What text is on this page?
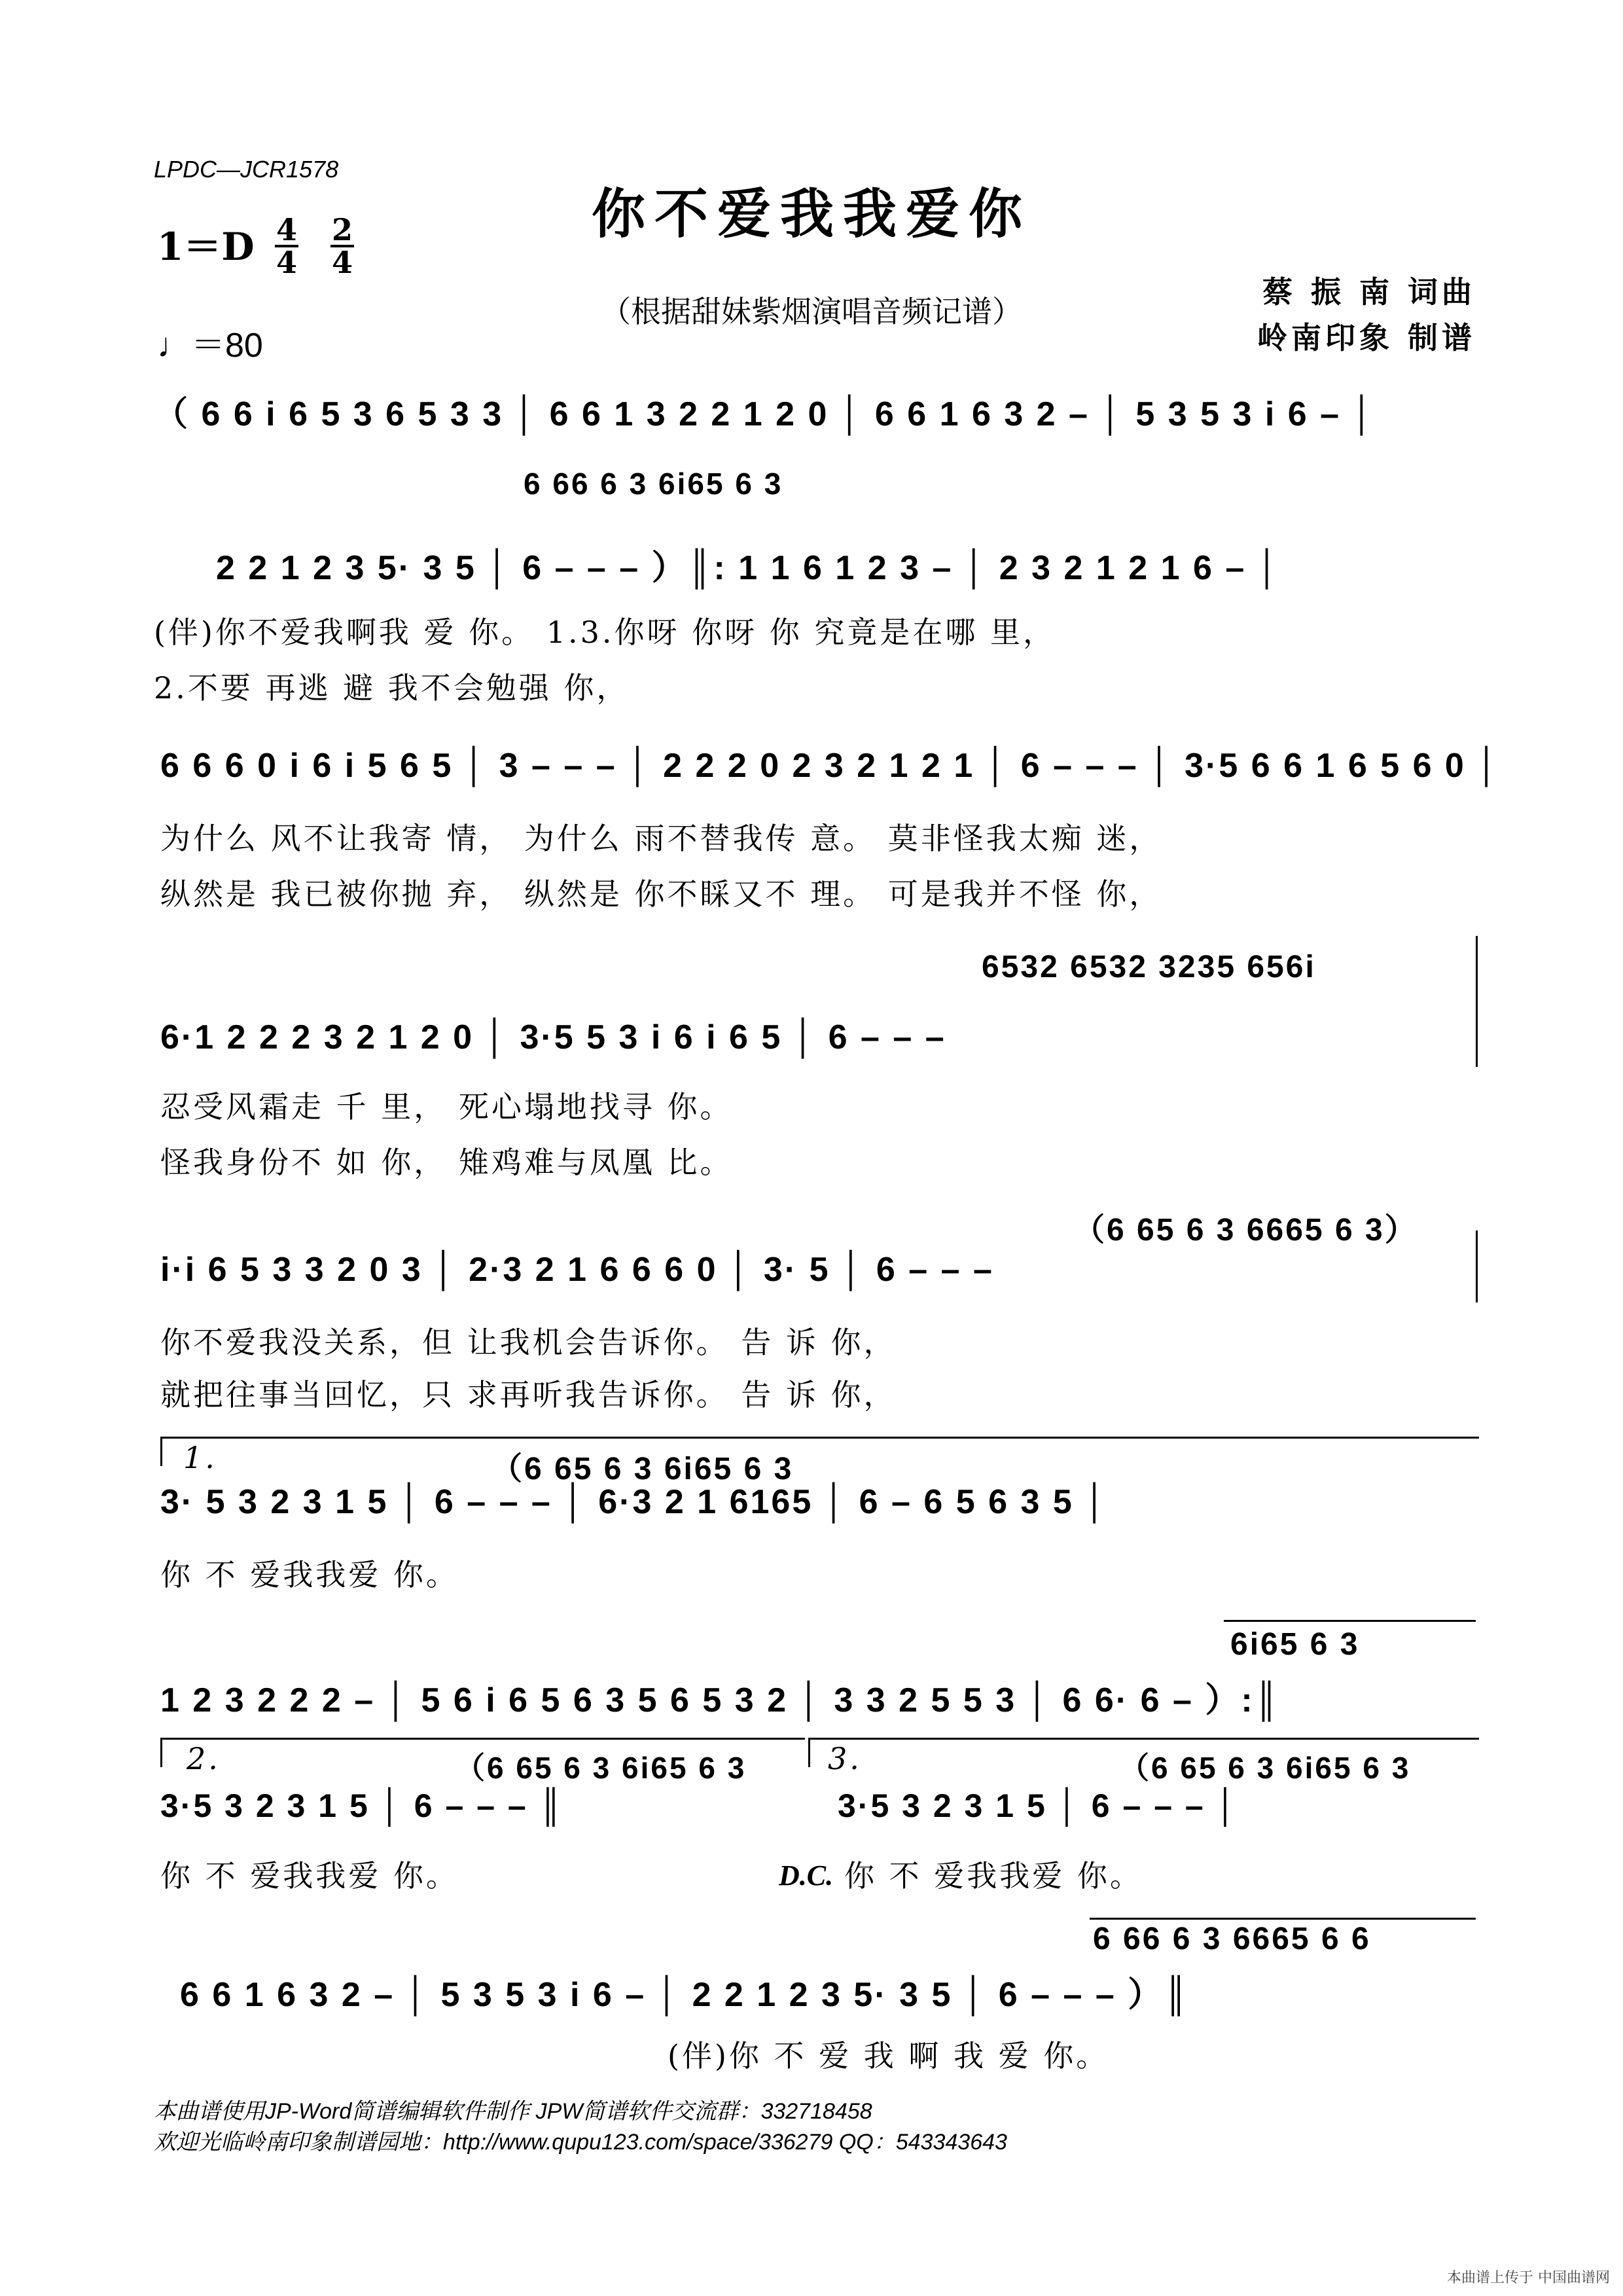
LPDC—JCR1578
你不爱我我爱你
（根据甜妹紫烟演唱音频记谱）
$1=D \frac{4}{4} \frac{2}{4}$
♩＝80
蔡 振 南 词曲
岭南印象 制谱
（ 6 6 i 6 5 3 6 5 3 3 │ 6 6 1 3 2 2 1 2 0 │ 6 6 1 6 3 2 – │ 5 3 5 3 i 6 – │
6 66 6 3 6i65 6 3
2 2 1 2 3 5· 3 5 │ 6 – – – ）║: 1 1 6 1 2 3 – │ 2 3 2 1 2 1 6 – │
(伴)你不爱我啊我 爱 你。 1.3.你呀 你呀 你 究竟是在哪 里，
2.不要 再逃 避 我不会勉强 你，
6 6 6 0 i 6 i 5 6 5 │ 3 – – – │ 2 2 2 0 2 3 2 1 2 1 │ 6 – – – │ 3·5 6 6 1 6 5 6 0 │
为什么 风不让我寄 情， 为什么 雨不替我传 意。 莫非怪我太痴 迷，
纵然是 我已被你抛 弃， 纵然是 你不睬又不 理。 可是我并不怪 你，
6532 6532 3235 656i
6·1 2 2 2 3 2 1 2 0 │ 3·5 5 3 i 6 i 6 5 │ 6 – – –
忍受风霜走 千 里， 死心塌地找寻 你。
怪我身份不 如 你， 雉鸡难与凤凰 比。
（6 65 6 3 6665 6 3）
i·i 6 5 3 3 2 0 3 │ 2·3 2 1 6 6 6 0 │ 3· 5 │ 6 – – –
你不爱我没关系，但 让我机会告诉你。 告 诉 你，
就把往事当回忆，只 求再听我告诉你。 告 诉 你，
1.	（6 65 6 3 6i65 6 3
3· 5 3 2 3 1 5 │ 6 – – – │ 6·3 2 1 6165 │ 6 – 6 5 6 3 5 │
你 不 爱我我爱 你。
6i65 6 3
1 2 3 2 2 2 – │ 5 6 i 6 5 6 3 5 6 5 3 2 │ 3 3 2 5 5 3 │ 6 6· 6 – ）:║
2.	（6 65 6 3 6i65 6 3
3·5 3 2 3 1 5 │ 6 – – – ║
你 不 爱我我爱 你。
3.	（6 65 6 3 6i65 6 3
3·5 3 2 3 1 5 │ 6 – – – │
D.C. 你 不 爱我我爱 你。
6 66 6 3 6665 6 6
6 6 1 6 3 2 – │ 5 3 5 3 i 6 – │ 2 2 1 2 3 5· 3 5 │ 6 – – – ）║
(伴)你 不 爱 我 啊 我 爱 你。
本曲谱使用JP-Word简谱编辑软件制作 JPW简谱软件交流群：332718458
欢迎光临岭南印象制谱园地：http://www.qupu123.com/space/336279 QQ：543343643
本曲谱上传于 中国曲谱网
